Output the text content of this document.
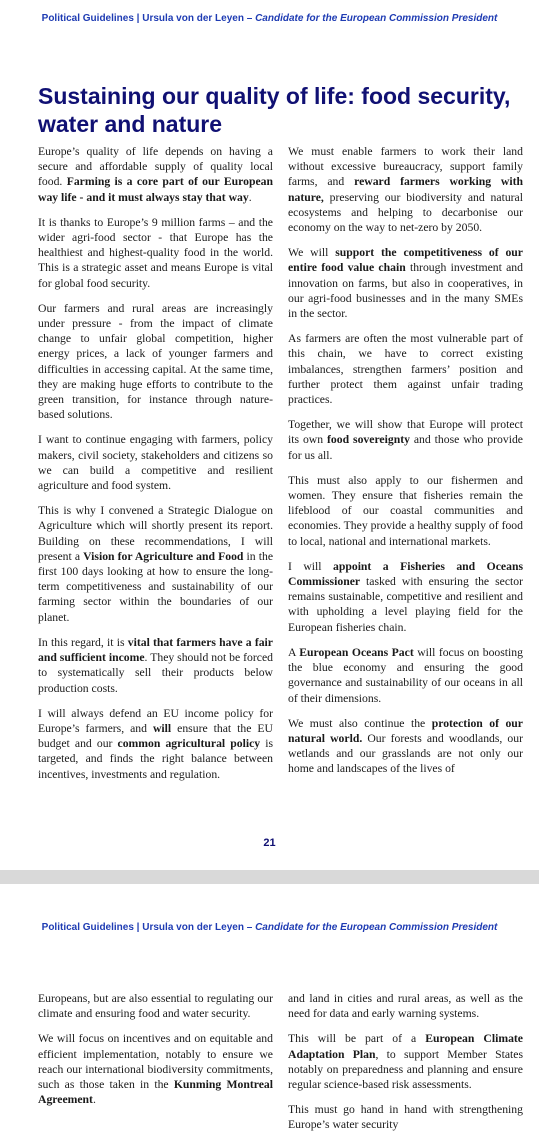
Political Guidelines | Ursula von der Leyen – Candidate for the European Commission President
Sustaining our quality of life: food security, water and nature

Europe’s quality of life depends on having a secure and affordable supply of quality local food. Farming is a core part of our European way life - and it must always stay that way.

It is thanks to Europe’s 9 million farms – and the wider agri-food sector - that Europe has the healthiest and highest-quality food in the world. This is a strategic asset and means Europe is vital for global food security.

Our farmers and rural areas are increasingly under pressure - from the impact of climate change to unfair global competition, higher energy prices, a lack of younger farmers and difficulties in accessing capital. At the same time, they are making huge efforts to contribute to the green transition, for instance through nature-based solutions.

I want to continue engaging with farmers, policy makers, civil society, stakeholders and citizens so we can build a competitive and resilient agriculture and food system.

This is why I convened a Strategic Dialogue on Agriculture which will shortly present its report. Building on these recommendations, I will present a Vision for Agriculture and Food in the first 100 days looking at how to ensure the long-term competitiveness and sustainability of our farming sector within the boundaries of our planet.

In this regard, it is vital that farmers have a fair and sufficient income. They should not be forced to systematically sell their products below production costs.

I will always defend an EU income policy for Europe’s farmers, and will ensure that the EU budget and our common agricultural policy is targeted, and finds the right balance between incentives, investments and regulation.

We must enable farmers to work their land without excessive bureaucracy, support family farms, and reward farmers working with nature, preserving our biodiversity and natural ecosystems and helping to decarbonise our economy on the way to net-zero by 2050.

We will support the competitiveness of our entire food value chain through investment and innovation on farms, but also in cooperatives, in our agri-food businesses and in the many SMEs in the sector.

As farmers are often the most vulnerable part of this chain, we have to correct existing imbalances, strengthen farmers’ position and further protect them against unfair trading practices.

Together, we will show that Europe will protect its own food sovereignty and those who provide for us all.

This must also apply to our fishermen and women. They ensure that fisheries remain the lifeblood of our coastal communities and economies. They provide a healthy supply of food to local, national and international markets.

I will appoint a Fisheries and Oceans Commissioner tasked with ensuring the sector remains sustainable, competitive and resilient and with upholding a level playing field for the European fisheries chain.

A European Oceans Pact will focus on boosting the blue economy and ensuring the good governance and sustainability of our oceans in all of their dimensions.

We must also continue the protection of our natural world. Our forests and woodlands, our wetlands and our grasslands are not only our home and landscapes of the lives of

21
Political Guidelines | Ursula von der Leyen – Candidate for the European Commission President

Europeans, but are also essential to regulating our climate and ensuring food and water security.

We will focus on incentives and on equitable and efficient implementation, notably to ensure we reach our international biodiversity commitments, such as those taken in the Kunming Montreal Agreement.

and land in cities and rural areas, as well as the need for data and early warning systems.

This will be part of a European Climate Adaptation Plan, to support Member States notably on preparedness and planning and ensure regular science-based risk assessments.

This must go hand in hand with strengthening Europe’s water security
